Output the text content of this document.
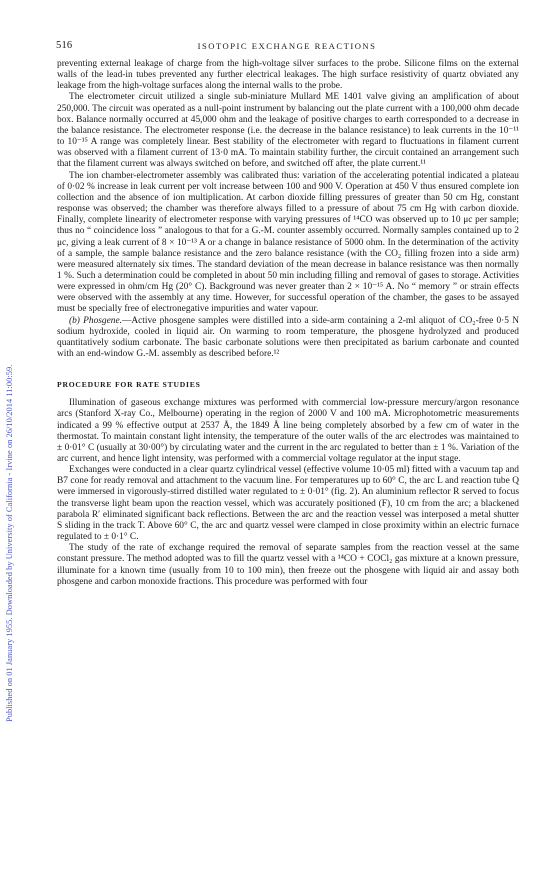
516	ISOTOPIC EXCHANGE REACTIONS
Published on 01 January 1955. Downloaded by University of California - Irvine on 26/10/2014 11:00:59.

preventing external leakage of charge from the high-voltage silver surfaces to the probe. Silicone films on the external walls of the lead-in tubes prevented any further electrical leakages. The high surface resistivity of quartz obviated any leakage from the high-voltage surfaces along the internal walls to the probe.

The electrometer circuit utilized a single sub-miniature Mullard ME 1401 valve giving an amplification of about 250,000. The circuit was operated as a null-point instrument by balancing out the plate current with a 100,000 ohm decade box. Balance normally occurred at 45,000 ohm and the leakage of positive charges to earth corresponded to a decrease in the balance resistance. The electrometer response (i.e. the decrease in the balance resistance) to leak currents in the 10⁻¹¹ to 10⁻¹⁵ A range was completely linear. Best stability of the electrometer with regard to fluctuations in filament current was observed with a filament current of 13·0 mA. To maintain stability further, the circuit contained an arrangement such that the filament current was always switched on before, and switched off after, the plate current.¹¹

The ion chamber-electrometer assembly was calibrated thus: variation of the accelerating potential indicated a plateau of 0·02 % increase in leak current per volt increase between 100 and 900 V. Operation at 450 V thus ensured complete ion collection and the absence of ion multiplication. At carbon dioxide filling pressures of greater than 50 cm Hg, constant response was observed; the chamber was therefore always filled to a pressure of about 75 cm Hg with carbon dioxide. Finally, complete linearity of electrometer response with varying pressures of ¹⁴CO was observed up to 10 μc per sample; thus no “ coincidence loss ” analogous to that for a G.-M. counter assembly occurred. Normally samples contained up to 2 μc, giving a leak current of 8 × 10⁻¹³ A or a change in balance resistance of 5000 ohm. In the determination of the activity of a sample, the sample balance resistance and the zero balance resistance (with the CO₂ filling frozen into a side arm) were measured alternately six times. The standard deviation of the mean decrease in balance resistance was then normally 1 %. Such a determination could be completed in about 50 min including filling and removal of gases to storage. Activities were expressed in ohm/cm Hg (20° C). Background was never greater than 2 × 10⁻¹⁵ A. No “ memory ” or strain effects were observed with the assembly at any time. However, for successful operation of the chamber, the gases to be assayed must be specially free of electronegative impurities and water vapour.

(b) Phosgene.—Active phosgene samples were distilled into a side-arm containing a 2-ml aliquot of CO₂-free 0·5 N sodium hydroxide, cooled in liquid air. On warming to room temperature, the phosgene hydrolyzed and produced quantitatively sodium carbonate. The basic carbonate solutions were then precipitated as barium carbonate and counted with an end-window G.-M. assembly as described before.¹²

PROCEDURE FOR RATE STUDIES

Illumination of gaseous exchange mixtures was performed with commercial low-pressure mercury/argon resonance arcs (Stanford X-ray Co., Melbourne) operating in the region of 2000 V and 100 mA. Microphotometric measurements indicated a 99 % effective output at 2537 Å, the 1849 Å line being completely absorbed by a few cm of water in the thermostat. To maintain constant light intensity, the temperature of the outer walls of the arc electrodes was maintained to ± 0·01° C (usually at 30·00°) by circulating water and the current in the arc regulated to better than ± 1 %. Variation of the arc current, and hence light intensity, was performed with a commercial voltage regulator at the input stage.

Exchanges were conducted in a clear quartz cylindrical vessel (effective volume 10·05 ml) fitted with a vacuum tap and B7 cone for ready removal and attachment to the vacuum line. For temperatures up to 60° C, the arc L and reaction tube Q were immersed in vigorously-stirred distilled water regulated to ± 0·01° (fig. 2). An aluminium reflector R served to focus the transverse light beam upon the reaction vessel, which was accurately positioned (F), 10 cm from the arc; a blackened parabola R′ eliminated significant back reflections. Between the arc and the reaction vessel was interposed a metal shutter S sliding in the track T. Above 60° C, the arc and quartz vessel were clamped in close proximity within an electric furnace regulated to ± 0·1° C.

The study of the rate of exchange required the removal of separate samples from the reaction vessel at the same constant pressure. The method adopted was to fill the quartz vessel with a ¹⁴CO + COCl₂ gas mixture at a known pressure, illuminate for a known time (usually from 10 to 100 min), then freeze out the phosgene with liquid air and assay both phosgene and carbon monoxide fractions. This procedure was performed with four
